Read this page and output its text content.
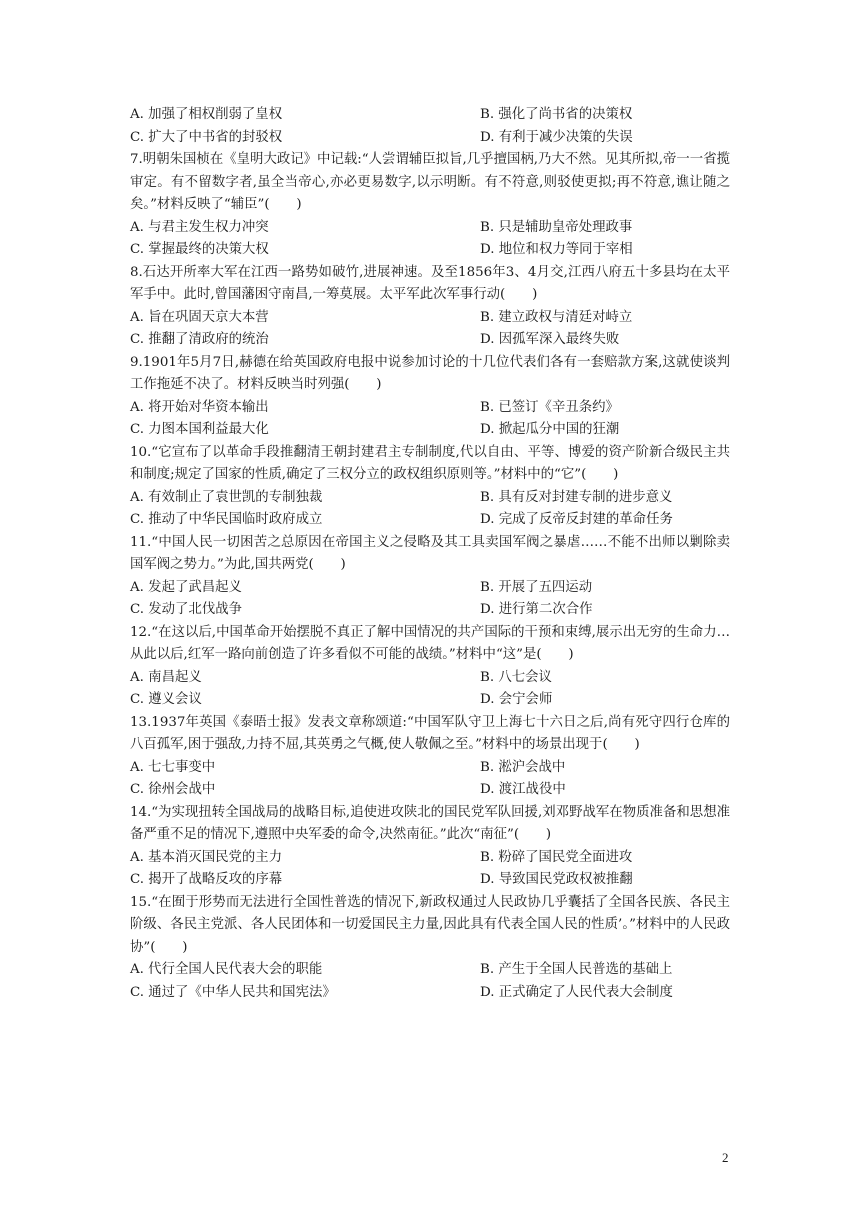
A. 加强了相权削弱了皇权	B. 强化了尚书省的决策权
C. 扩大了中书省的封驳权	D. 有利于减少决策的失误

7.明朝朱国桢在《皇明大政记》中记载:“人尝谓辅臣拟旨,几乎擅国柄,乃大不然。见其所拟,帝一一省揽审定。有不留数字者,虽全当帝心,亦必更易数字,以示明断。有不符意,则驳使更拟;再不符意,谯让随之矣。”材料反映了“辅臣”(　　)

A. 与君主发生权力冲突	B. 只是辅助皇帝处理政事
C. 掌握最终的决策大权	D. 地位和权力等同于宰相

8.石达开所率大军在江西一路势如破竹,进展神速。及至1856年3、4月交,江西八府五十多县均在太平军手中。此时,曾国藩困守南昌,一筹莫展。太平军此次军事行动(　　)

A. 旨在巩固天京大本营	B. 建立政权与清廷对峙立
C. 推翻了清政府的统治	D. 因孤军深入最终失败

9.1901年5月7日,赫德在给英国政府电报中说参加讨论的十几位代表们各有一套赔款方案,这就使谈判工作拖延不决了。材料反映当时列强(　　)

A. 将开始对华资本输出	B. 已签订《辛丑条约》
C. 力图本国利益最大化	D. 掀起瓜分中国的狂潮

10.“它宣布了以革命手段推翻清王朝封建君主专制制度,代以自由、平等、博爱的资产阶新合级民主共和制度;规定了国家的性质,确定了三权分立的政权组织原则等。”材料中的“它”(　　)

A. 有效制止了袁世凯的专制独裁	B. 具有反对封建专制的进步意义
C. 推动了中华民国临时政府成立	D. 完成了反帝反封建的革命任务

11.“中国人民一切困苦之总原因在帝国主义之侵略及其工具卖国军阀之暴虐……不能不出师以剿除卖国军阀之势力。”为此,国共两党(　　)

A. 发起了武昌起义	B. 开展了五四运动
C. 发动了北伐战争	D. 进行第二次合作

12.“在这以后,中国革命开始摆脱不真正了解中国情况的共产国际的干预和束缚,展示出无穷的生命力…从此以后,红军一路向前创造了许多看似不可能的战绩。”材料中“这”是(　　)

A. 南昌起义	B. 八七会议
C. 遵义会议	D. 会宁会师

13.1937年英国《泰晤士报》发表文章称颂道:“中国军队守卫上海七十六日之后,尚有死守四行仓库的八百孤军,困于强敌,力持不屈,其英勇之气概,使人敬佩之至。”材料中的场景出现于(　　)

A. 七七事变中	B. 淞沪会战中
C. 徐州会战中	D. 渡江战役中

14.“为实现扭转全国战局的战略目标,追使进攻陕北的国民党军队回援,刘邓野战军在物质准备和思想准备严重不足的情况下,遵照中央军委的命令,决然南征。”此次“南征”(　　)

A. 基本消灭国民党的主力	B. 粉碎了国民党全面进攻
C. 揭开了战略反攻的序幕	D. 导致国民党政权被推翻

15.“在囿于形势而无法进行全国性普选的情况下,新政权通过人民政协几乎囊括了全国各民族、各民主阶级、各民主党派、各人民团体和一切爱国民主力量,因此具有代表全国人民的性质’。”材料中的人民政协”(　　)

A. 代行全国人民代表大会的职能	B. 产生于全国人民普选的基础上
C. 通过了《中华人民共和国宪法》	D. 正式确定了人民代表大会制度
2
